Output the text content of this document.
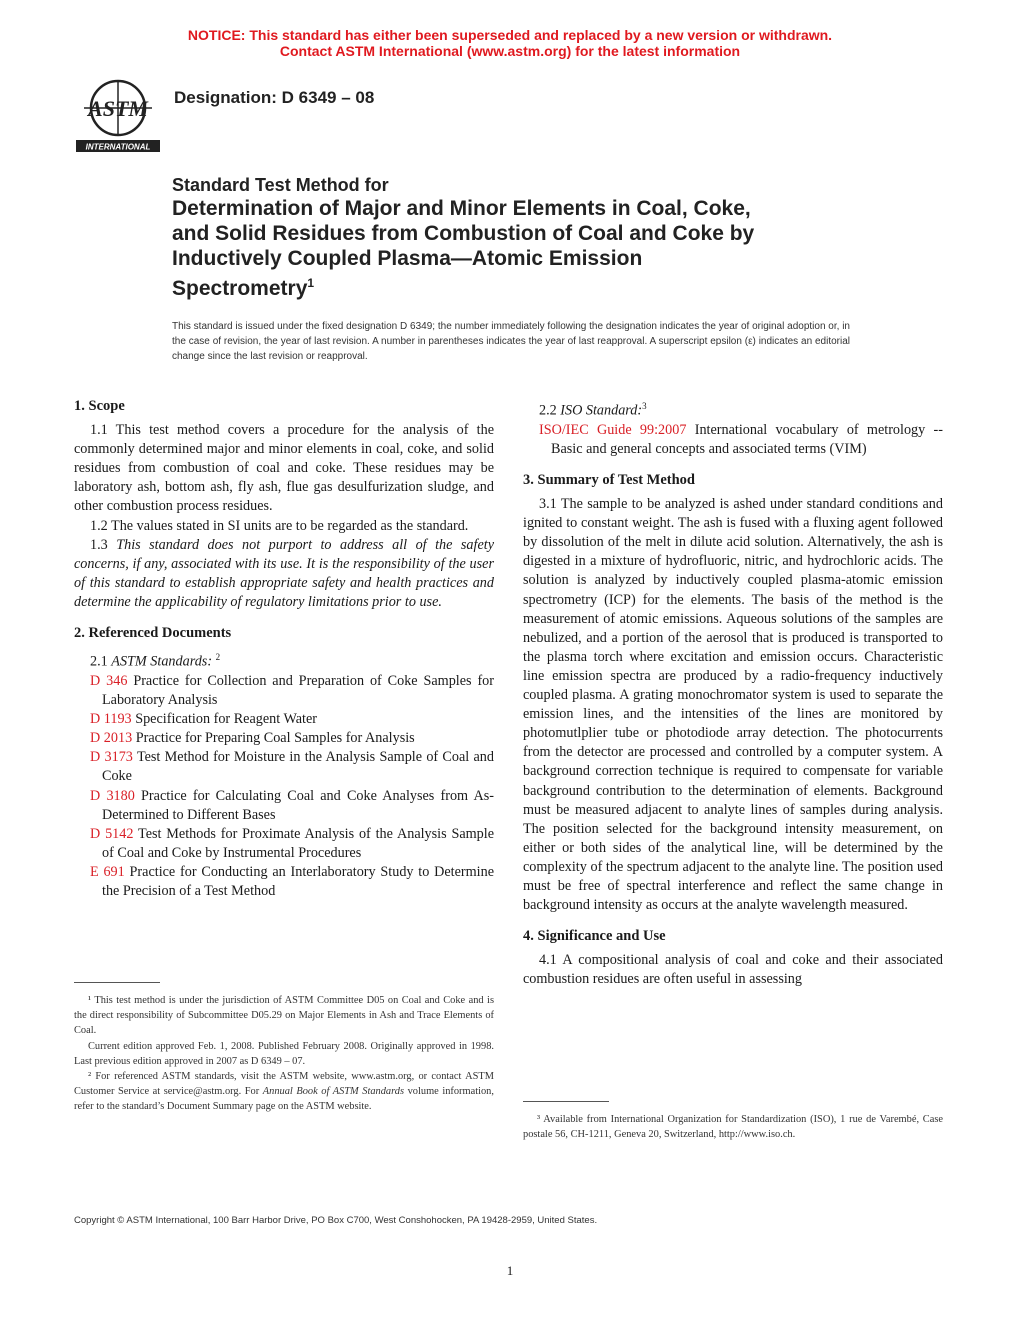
NOTICE: This standard has either been superseded and replaced by a new version or withdrawn.
Contact ASTM International (www.astm.org) for the latest information
ASTM
INTERNATIONAL
Designation: D 6349 – 08
Standard Test Method for
Determination of Major and Minor Elements in Coal, Coke,
and Solid Residues from Combustion of Coal and Coke by
Inductively Coupled Plasma—Atomic Emission
Spectrometry$^1$
This standard is issued under the fixed designation D 6349; the number immediately following the designation indicates the year of original adoption or, in the case of revision, the year of last revision. A number in parentheses indicates the year of last reapproval. A superscript epsilon (ε) indicates an editorial change since the last revision or reapproval.

1. Scope

1.1 This test method covers a procedure for the analysis of the commonly determined major and minor elements in coal, coke, and solid residues from combustion of coal and coke. These residues may be laboratory ash, bottom ash, fly ash, flue gas desulfurization sludge, and other combustion process residues.

1.2 The values stated in SI units are to be regarded as the standard.

1.3 This standard does not purport to address all of the safety concerns, if any, associated with its use. It is the responsibility of the user of this standard to establish appropriate safety and health practices and determine the applicability of regulatory limitations prior to use.

2. Referenced Documents

2.1 ASTM Standards: $^2$

D 346 Practice for Collection and Preparation of Coke Samples for Laboratory Analysis

D 1193 Specification for Reagent Water

D 2013 Practice for Preparing Coal Samples for Analysis

D 3173 Test Method for Moisture in the Analysis Sample of Coal and Coke

D 3180 Practice for Calculating Coal and Coke Analyses from As-Determined to Different Bases

D 5142 Test Methods for Proximate Analysis of the Analysis Sample of Coal and Coke by Instrumental Procedures

E 691 Practice for Conducting an Interlaboratory Study to Determine the Precision of a Test Method

¹ This test method is under the jurisdiction of ASTM Committee D05 on Coal and Coke and is the direct responsibility of Subcommittee D05.29 on Major Elements in Ash and Trace Elements of Coal.

Current edition approved Feb. 1, 2008. Published February 2008. Originally approved in 1998. Last previous edition approved in 2007 as D 6349 – 07.

² For referenced ASTM standards, visit the ASTM website, www.astm.org, or contact ASTM Customer Service at service@astm.org. For Annual Book of ASTM Standards volume information, refer to the standard’s Document Summary page on the ASTM website.

2.2 ISO Standard:$^3$

ISO/IEC Guide 99:2007 International vocabulary of metrology -- Basic and general concepts and associated terms (VIM)

3. Summary of Test Method

3.1 The sample to be analyzed is ashed under standard conditions and ignited to constant weight. The ash is fused with a fluxing agent followed by dissolution of the melt in dilute acid solution. Alternatively, the ash is digested in a mixture of hydrofluoric, nitric, and hydrochloric acids. The solution is analyzed by inductively coupled plasma-atomic emission spectrometry (ICP) for the elements. The basis of the method is the measurement of atomic emissions. Aqueous solutions of the samples are nebulized, and a portion of the aerosol that is produced is transported to the plasma torch where excitation and emission occurs. Characteristic line emission spectra are produced by a radio-frequency inductively coupled plasma. A grating monochromator system is used to separate the emission lines, and the intensities of the lines are monitored by photomutlplier tube or photodiode array detection. The photocurrents from the detector are processed and controlled by a computer system. A background correction technique is required to compensate for variable background contribution to the determination of elements. Background must be measured adjacent to analyte lines of samples during analysis. The position selected for the background intensity measurement, on either or both sides of the analytical line, will be determined by the complexity of the spectrum adjacent to the analyte line. The position used must be free of spectral interference and reflect the same change in background intensity as occurs at the analyte wavelength measured.

4. Significance and Use

4.1 A compositional analysis of coal and coke and their associated combustion residues are often useful in assessing

³ Available from International Organization for Standardization (ISO), 1 rue de Varembé, Case postale 56, CH-1211, Geneva 20, Switzerland, http://www.iso.ch.

Copyright © ASTM International, 100 Barr Harbor Drive, PO Box C700, West Conshohocken, PA 19428-2959, United States.
1
